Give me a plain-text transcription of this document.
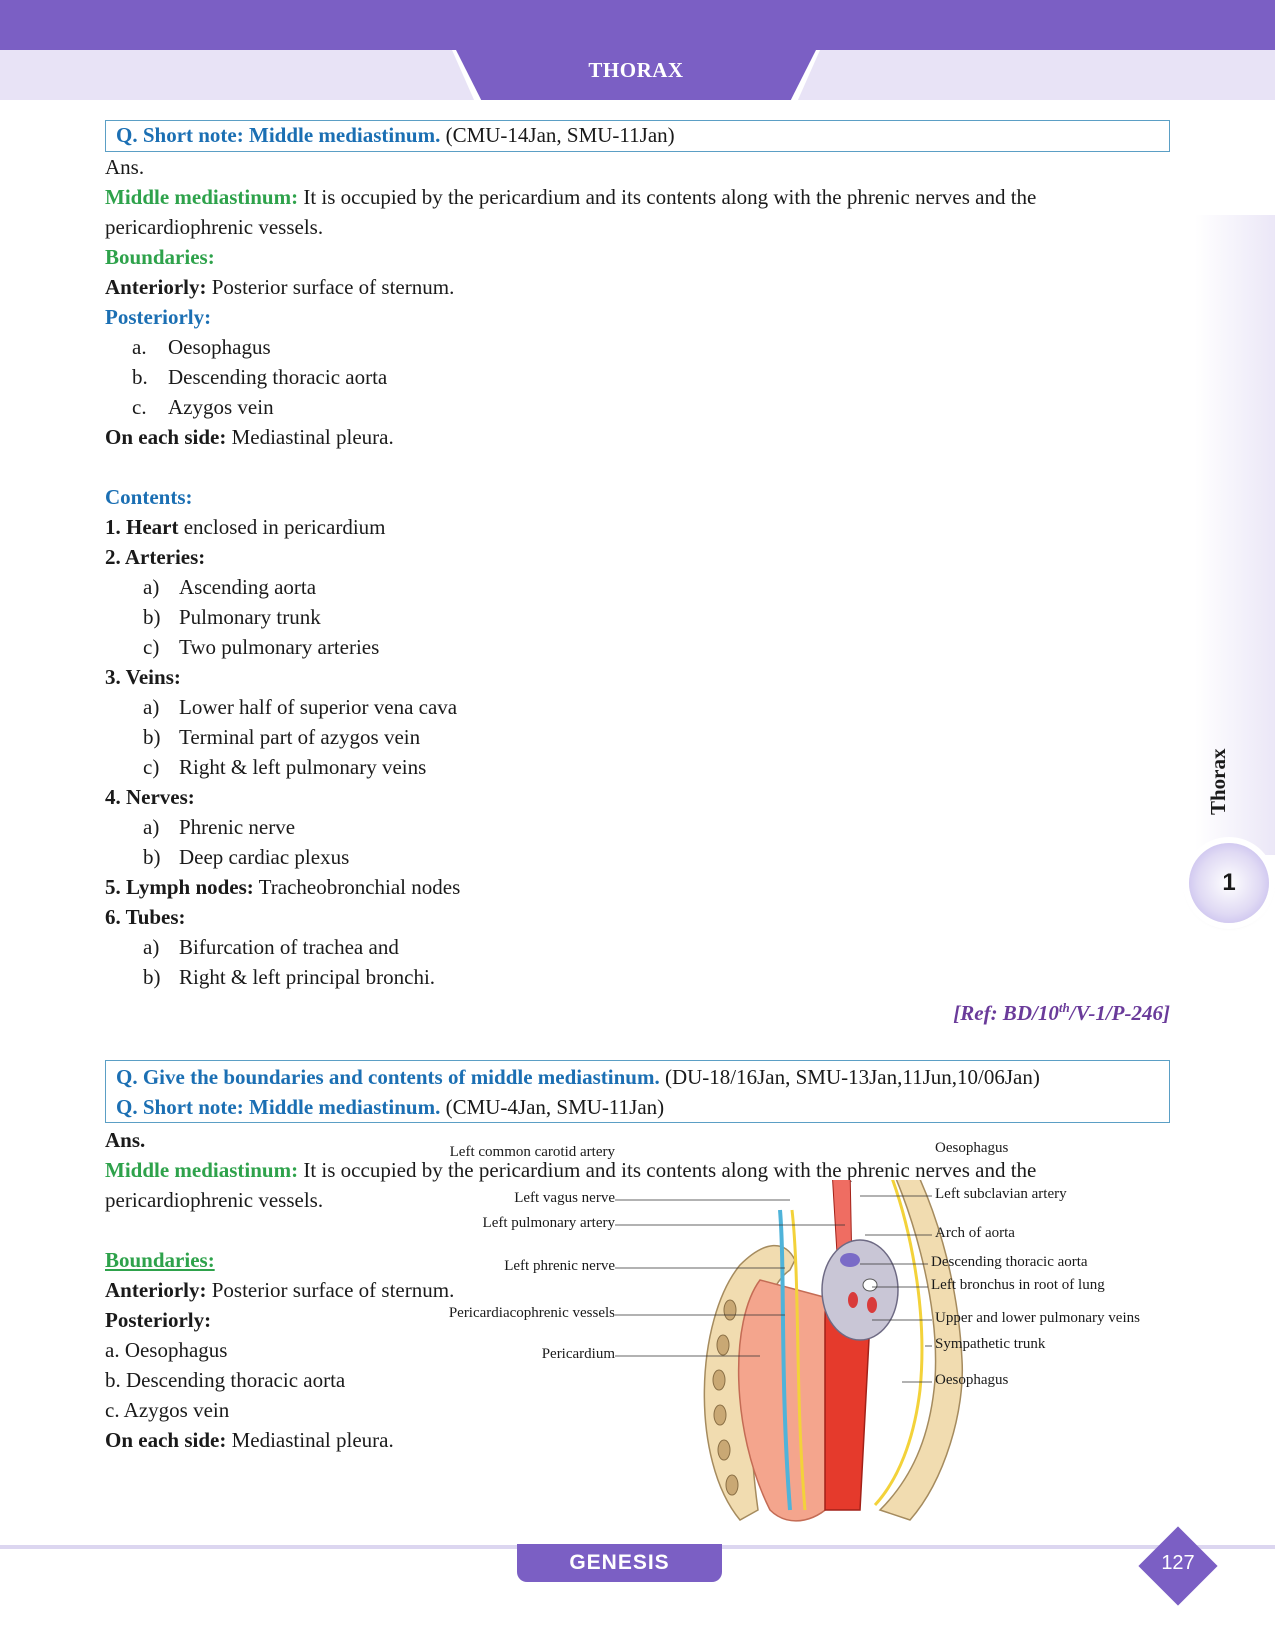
THORAX
Thorax
1
Q. Short note: Middle mediastinum. (CMU-14Jan, SMU-11Jan)
Ans.
Middle mediastinum: It is occupied by the pericardium and its contents along with the phrenic nerves and the
pericardiophrenic vessels.
Boundaries:
Anteriorly: Posterior surface of sternum.
Posteriorly:
a. Oesophagus
b. Descending thoracic aorta
c. Azygos vein
On each side: Mediastinal pleura.
Contents:
1. Heart enclosed in pericardium
2. Arteries:
a) Ascending aorta
b) Pulmonary trunk
c) Two pulmonary arteries
3. Veins:
a) Lower half of superior vena cava
b) Terminal part of azygos vein
c) Right & left pulmonary veins
4. Nerves:
a) Phrenic nerve
b) Deep cardiac plexus
5. Lymph nodes: Tracheobronchial nodes
6. Tubes:
a) Bifurcation of trachea and
b) Right & left principal bronchi.
[Ref: BD/10th/V-1/P-246]
Q. Give the boundaries and contents of middle mediastinum. (DU-18/16Jan, SMU-13Jan,11Jun,10/06Jan)
Q. Short note: Middle mediastinum. (CMU-4Jan, SMU-11Jan)
Ans.
Middle mediastinum: It is occupied by the pericardium and its contents along with the phrenic nerves and the
pericardiophrenic vessels.
Boundaries:
Anteriorly: Posterior surface of sternum.
Posteriorly:
a. Oesophagus
b. Descending thoracic aorta
c. Azygos vein
On each side: Mediastinal pleura.
Left common carotid artery
Left vagus nerve
Left pulmonary artery
Left phrenic nerve
Pericardiacophrenic vessels
Pericardium
Oesophagus
Left subclavian artery
Arch of aorta
Descending thoracic aorta
Left bronchus in root of lung
Upper and lower pulmonary veins
Sympathetic trunk
Oesophagus
GENESIS	127
